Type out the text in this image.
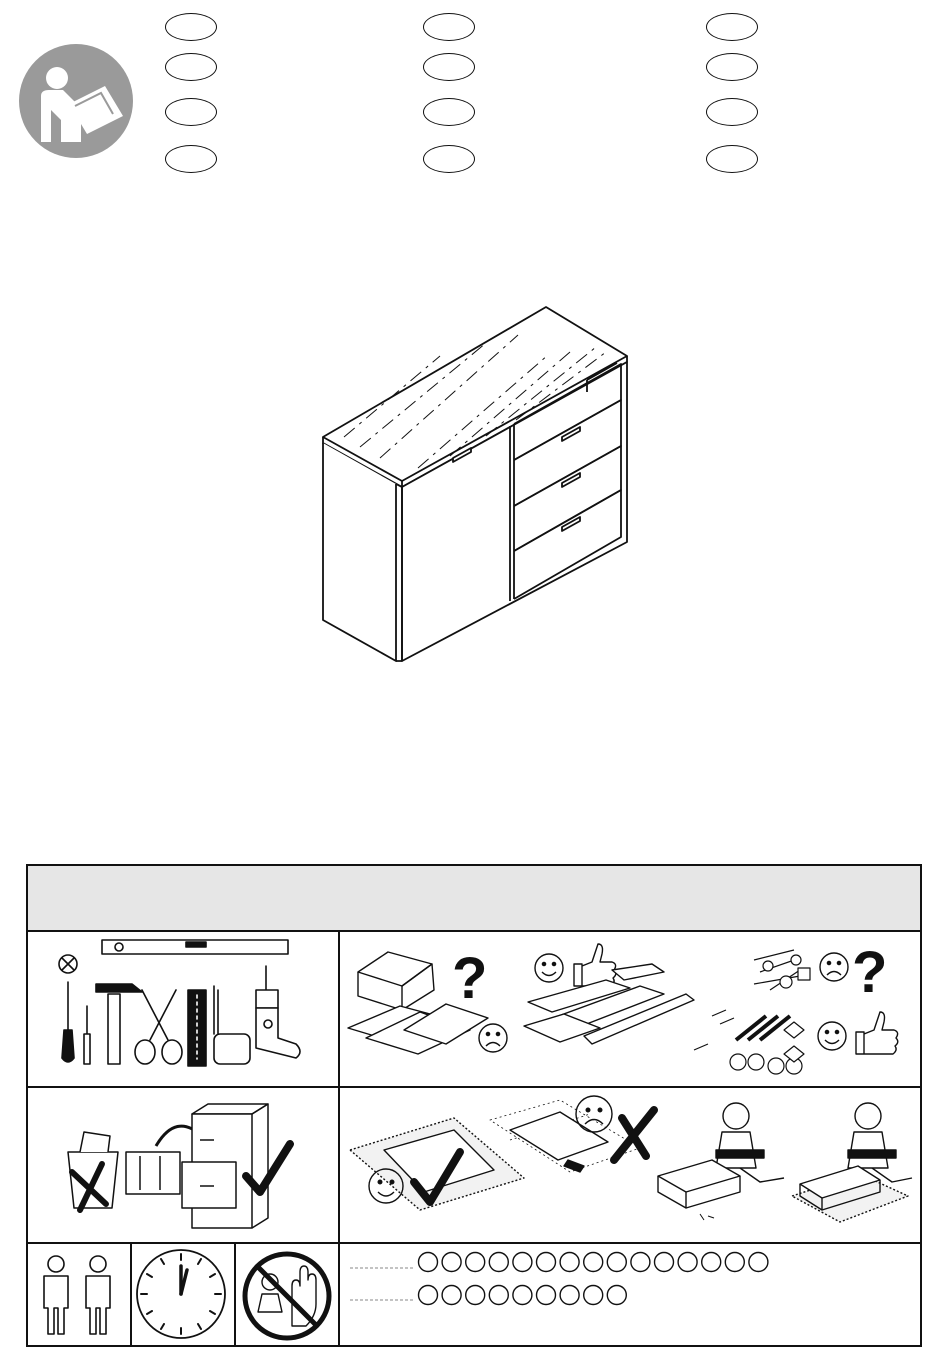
?	?
